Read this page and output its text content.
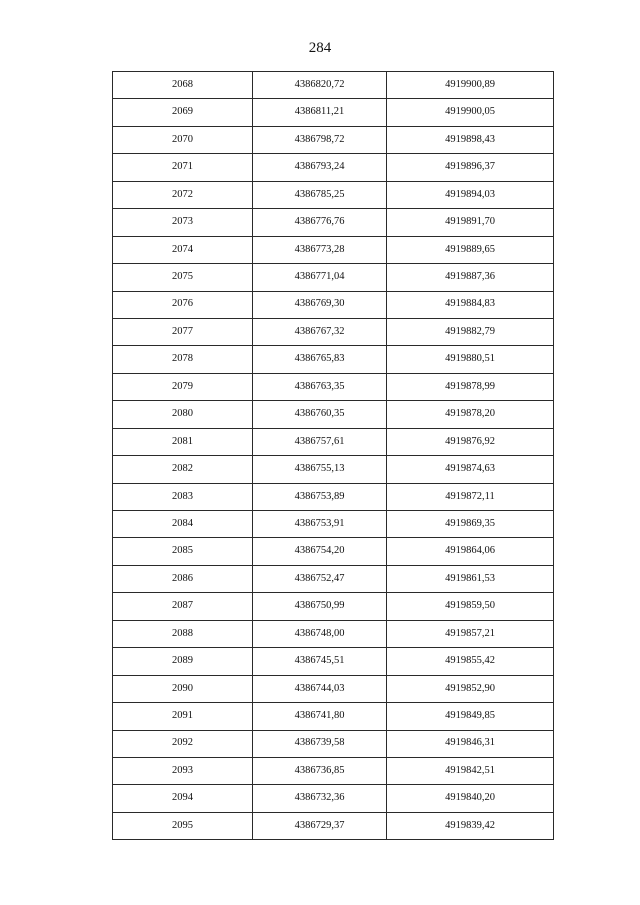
284
2068	4386820,72	4919900,89
2069	4386811,21	4919900,05
2070	4386798,72	4919898,43
2071	4386793,24	4919896,37
2072	4386785,25	4919894,03
2073	4386776,76	4919891,70
2074	4386773,28	4919889,65
2075	4386771,04	4919887,36
2076	4386769,30	4919884,83
2077	4386767,32	4919882,79
2078	4386765,83	4919880,51
2079	4386763,35	4919878,99
2080	4386760,35	4919878,20
2081	4386757,61	4919876,92
2082	4386755,13	4919874,63
2083	4386753,89	4919872,11
2084	4386753,91	4919869,35
2085	4386754,20	4919864,06
2086	4386752,47	4919861,53
2087	4386750,99	4919859,50
2088	4386748,00	4919857,21
2089	4386745,51	4919855,42
2090	4386744,03	4919852,90
2091	4386741,80	4919849,85
2092	4386739,58	4919846,31
2093	4386736,85	4919842,51
2094	4386732,36	4919840,20
2095	4386729,37	4919839,42
